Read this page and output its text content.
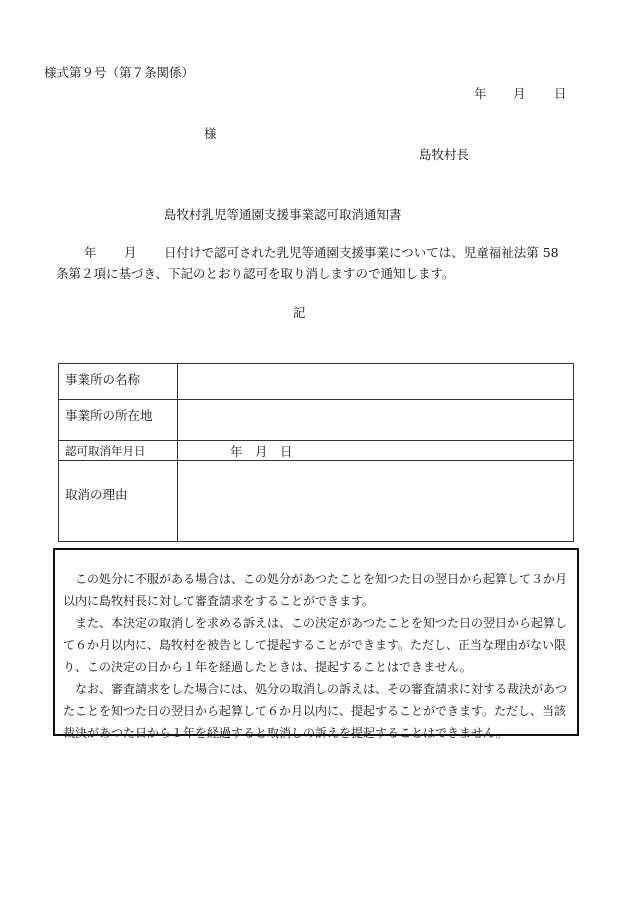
様式第９号（第７条関係）
年 月 日
様
島牧村長
島牧村乳児等通園支援事業認可取消通知書
年 月 日付けで認可された乳児等通園支援事業については、児童福祉法第 58
条第２項に基づき、下記のとおり認可を取り消しますので通知します。
記
事業所の名称	
事業所の所在地	
認可取消年月日	年　月　日
取消の理由	

この処分に不服がある場合は、この処分があつたことを知つた日の翌日から起算して３か月以内に島牧村長に対して審査請求をすることができます。

また、本決定の取消しを求める訴えは、この決定があつたことを知つた日の翌日から起算して６か月以内に、島牧村を被告として提起することができます。ただし、正当な理由がない限り、この決定の日から１年を経過したときは、提起することはできません。

なお、審査請求をした場合には、処分の取消しの訴えは、その審査請求に対する裁決があつたことを知つた日の翌日から起算して６か月以内に、提起することができます。ただし、当該裁決があつた日から１年を経過すると取消しの訴えを提起することはできません。
